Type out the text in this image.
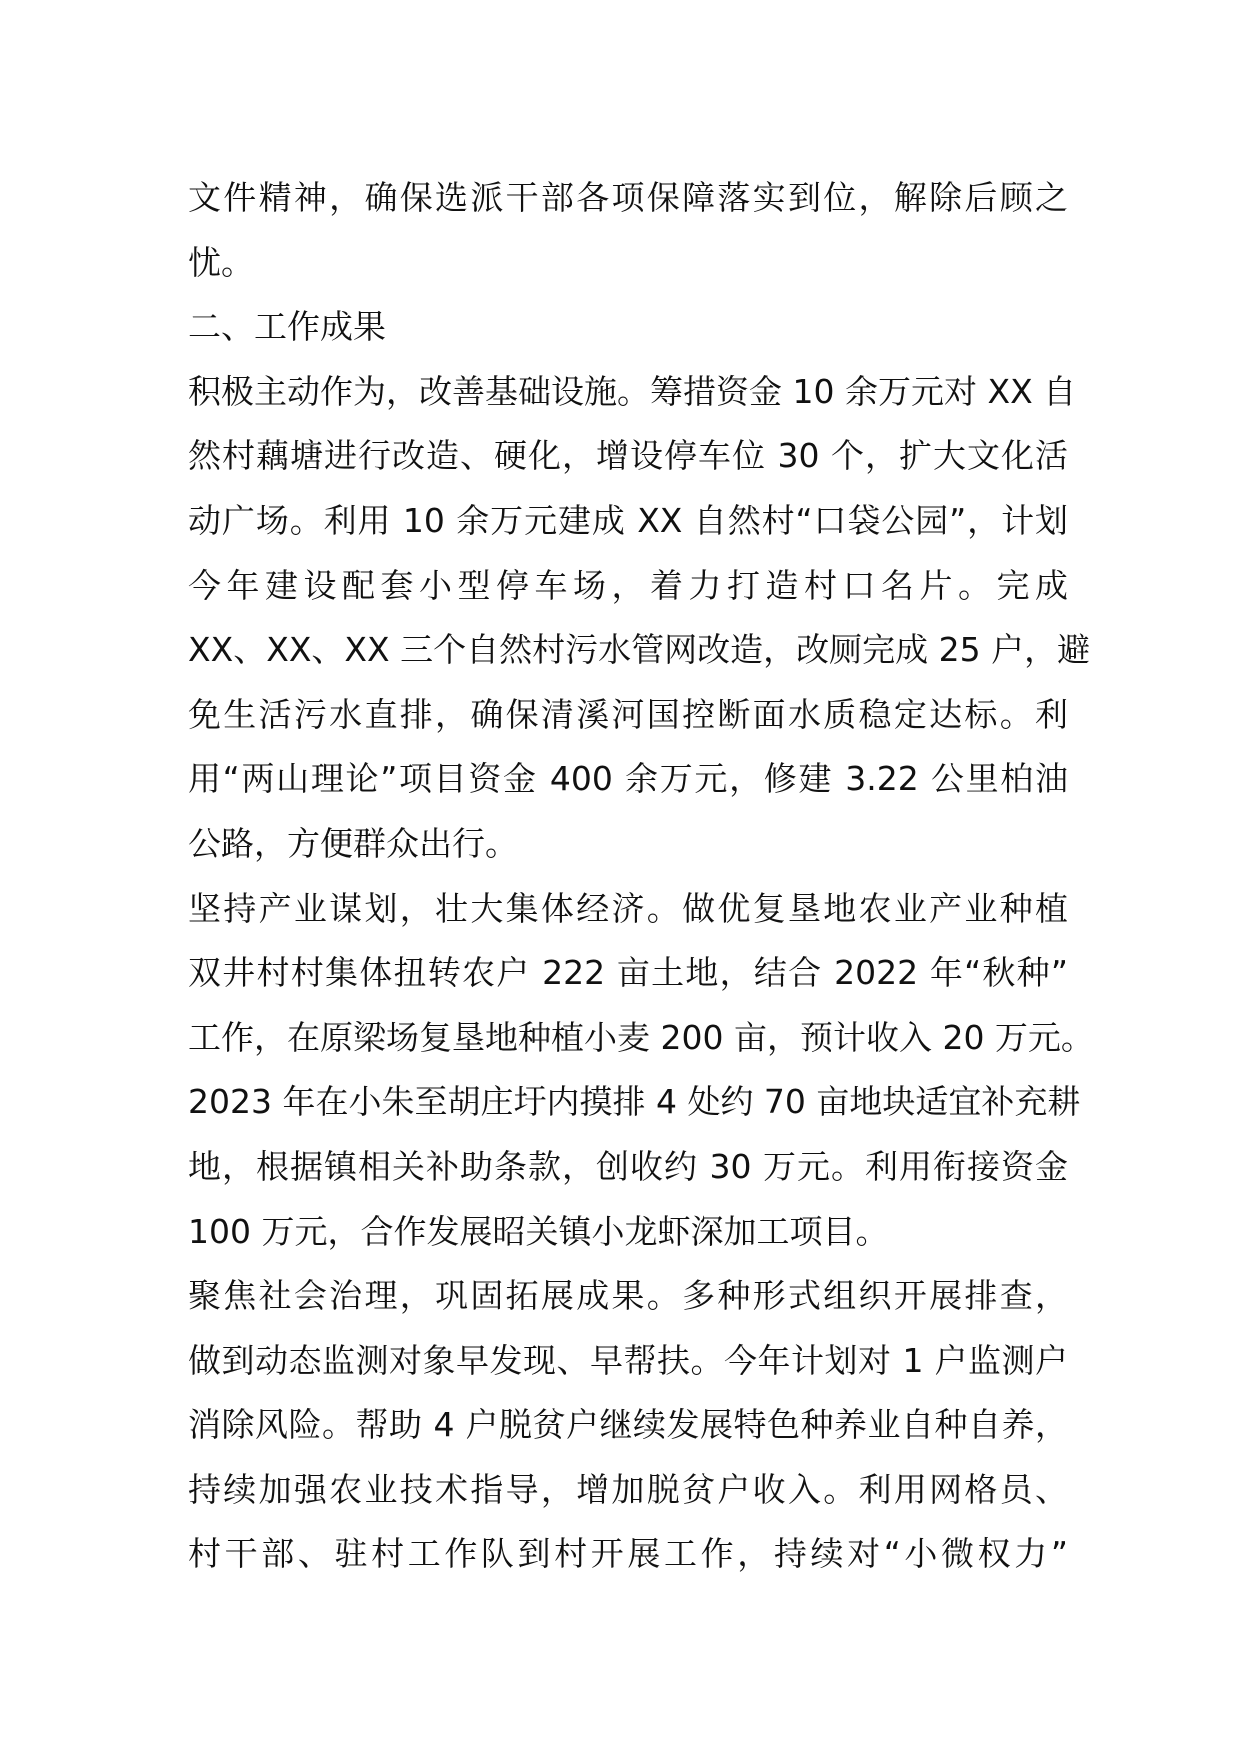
文件精神，确保选派干部各项保障落实到位，解除后顾之
忧。
二、工作成果
积极主动作为，改善基础设施。筹措资金 10 余万元对 XX 自
然村藕塘进行改造、硬化，增设停车位 30 个，扩大文化活
动广场。利用 10 余万元建成 XX 自然村“口袋公园”，计划
今年建设配套小型停车场，着力打造村口名片。完成
XX、XX、XX 三个自然村污水管网改造，改厕完成 25 户，避
免生活污水直排，确保清溪河国控断面水质稳定达标。利
用“两山理论”项目资金 400 余万元，修建 3.22 公里柏油
公路，方便群众出行。
坚持产业谋划，壮大集体经济。做优复垦地农业产业种植
双井村村集体扭转农户 222 亩土地，结合 2022 年“秋种”
工作，在原梁场复垦地种植小麦 200 亩，预计收入 20 万元。
2023 年在小朱至胡庄圩内摸排 4 处约 70 亩地块适宜补充耕
地，根据镇相关补助条款，创收约 30 万元。利用衔接资金
100 万元，合作发展昭关镇小龙虾深加工项目。
聚焦社会治理，巩固拓展成果。多种形式组织开展排查，
做到动态监测对象早发现、早帮扶。今年计划对 1 户监测户
消除风险。帮助 4 户脱贫户继续发展特色种养业自种自养，
持续加强农业技术指导，增加脱贫户收入。利用网格员、
村干部、驻村工作队到村开展工作，持续对“小微权力”
